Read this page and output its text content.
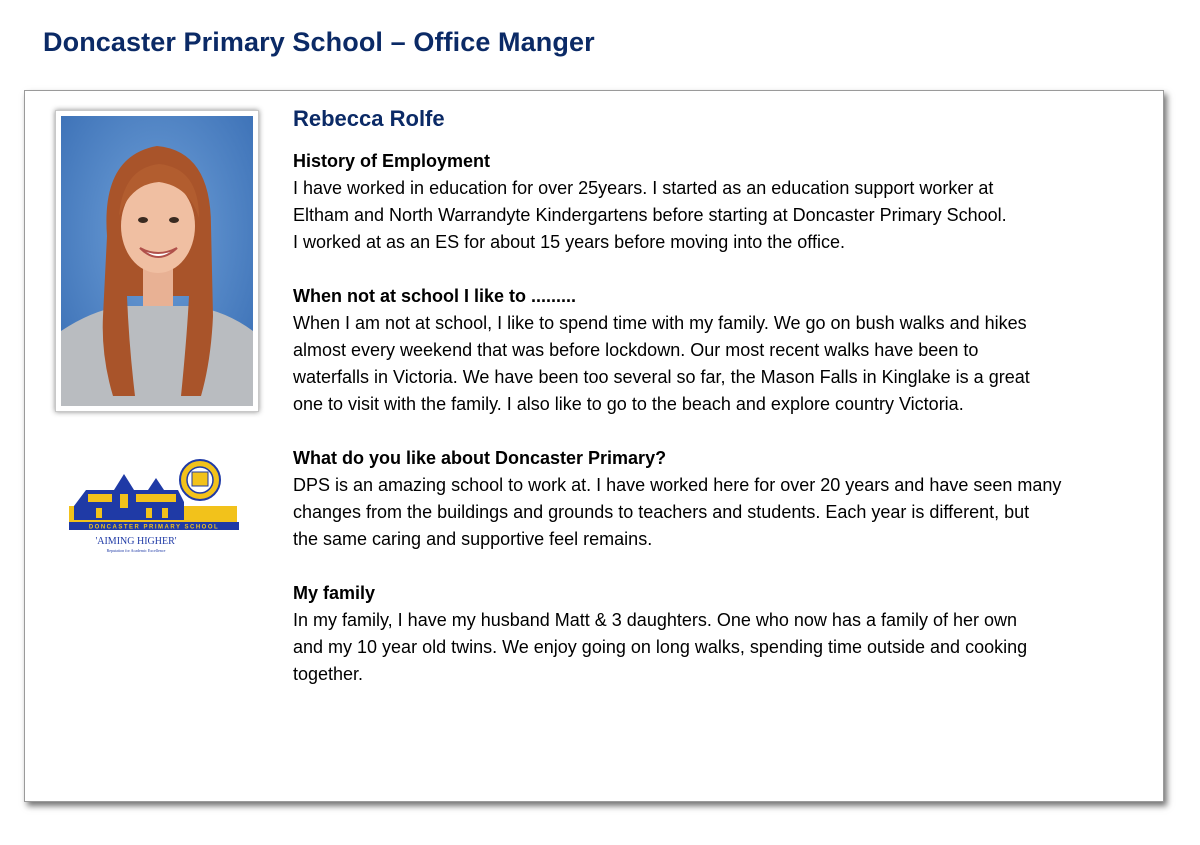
Doncaster Primary School – Office Manger
DONCASTER PRIMARY SCHOOL
'AIMING HIGHER'
Reputation for Academic Excellence
Rebecca Rolfe
History of Employment
I have worked in education for over 25years. I started as an education support worker at
Eltham and North Warrandyte Kindergartens before starting at Doncaster Primary School.
I worked at as an ES for about 15 years before moving into the office.
When not at school I like to .........
When I am not at school, I like to spend time with my family. We go on bush walks and hikes
almost every weekend that was before lockdown. Our most recent walks have been to
waterfalls in Victoria. We have been too several so far, the Mason Falls in Kinglake is a great
one to visit with the family. I also like to go to the beach and explore country Victoria.
What do you like about Doncaster Primary?
DPS is an amazing school to work at. I have worked here for over 20 years and have seen many
changes from the buildings and grounds to teachers and students. Each year is different, but
the same caring and supportive feel remains.
My family
In my family, I have my husband Matt & 3 daughters. One who now has a family of her own
and my 10 year old twins. We enjoy going on long walks, spending time outside and cooking
together.
